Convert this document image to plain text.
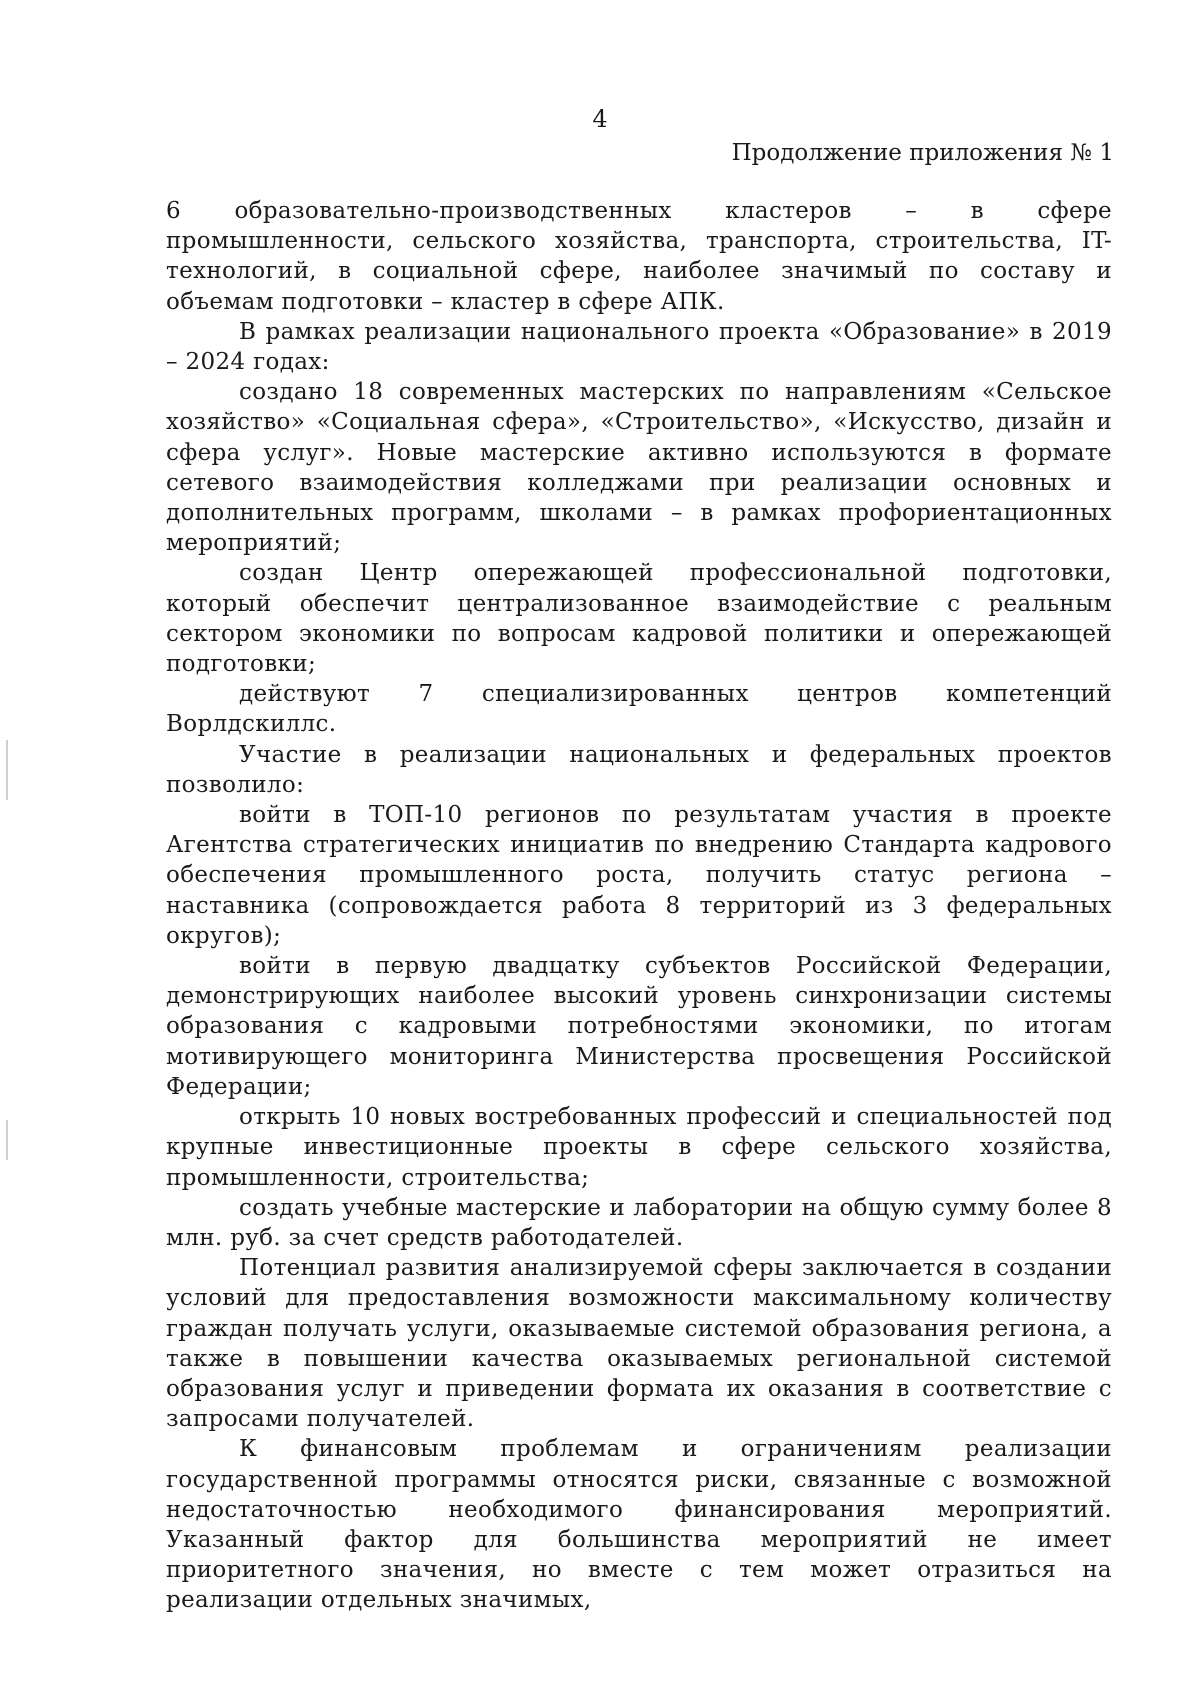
4
Продолжение приложения № 1

6 образовательно-производственных кластеров – в сфере промышленности, сельского хозяйства, транспорта, строительства, IT-технологий, в социальной сфере, наиболее значимый по составу и объемам подготовки – кластер в сфере АПК.

В рамках реализации национального проекта «Образование» в 2019 – 2024 годах:

создано 18 современных мастерских по направлениям «Сельское хозяйство» «Социальная сфера», «Строительство», «Искусство, дизайн и сфера услуг». Новые мастерские активно используются в формате сетевого взаимодействия колледжами при реализации основных и дополнительных программ, школами – в рамках профориентационных мероприятий;

создан Центр опережающей профессиональной подготовки, который обеспечит централизованное взаимодействие с реальным сектором экономики по вопросам кадровой политики и опережающей подготовки;

действуют 7 специализированных центров компетенций Ворлдскиллс.

Участие в реализации национальных и федеральных проектов позволило:

войти в ТОП-10 регионов по результатам участия в проекте Агентства стратегических инициатив по внедрению Стандарта кадрового обеспечения промышленного роста, получить статус региона – наставника (сопровождается работа 8 территорий из 3 федеральных округов);

войти в первую двадцатку субъектов Российской Федерации, демонстрирующих наиболее высокий уровень синхронизации системы образования с кадровыми потребностями экономики, по итогам мотивирующего мониторинга Министерства просвещения Российской Федерации;

открыть 10 новых востребованных профессий и специальностей под крупные инвестиционные проекты в сфере сельского хозяйства, промышленности, строительства;

создать учебные мастерские и лаборатории на общую сумму более 8 млн. руб. за счет средств работодателей.

Потенциал развития анализируемой сферы заключается в создании условий для предоставления возможности максимальному количеству граждан получать услуги, оказываемые системой образования региона, а также в повышении качества оказываемых региональной системой образования услуг и приведении формата их оказания в соответствие с запросами получателей.

К финансовым проблемам и ограничениям реализации государственной программы относятся риски, связанные с возможной недостаточностью необходимого финансирования мероприятий. Указанный фактор для большинства мероприятий не имеет приоритетного значения, но вместе с тем может отразиться на реализации отдельных значимых,
